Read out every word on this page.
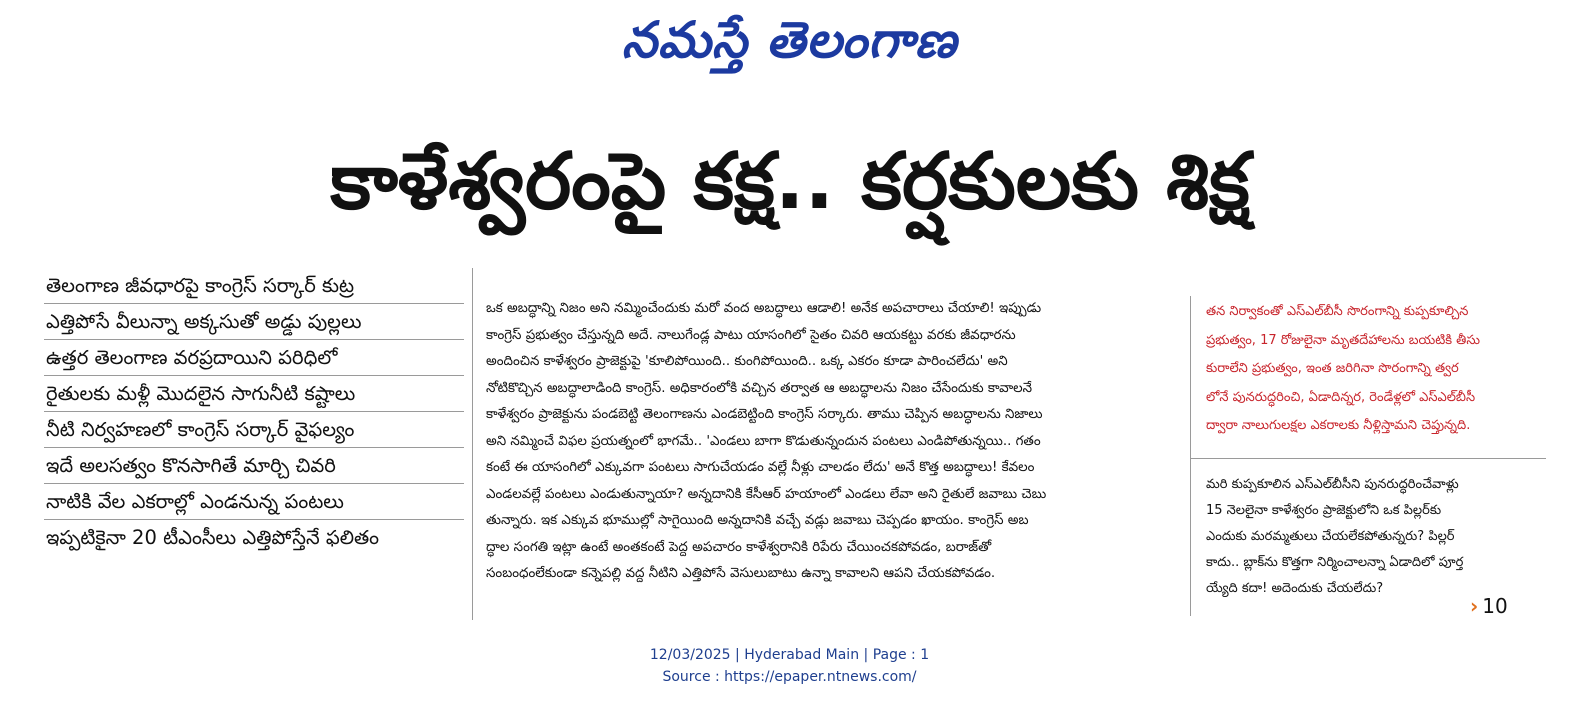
నమస్తే తెలంగాణ
కాళేశ్వరంపై కక్ష.. కర్షకులకు శిక్ష
తెలంగాణ జీవధారపై కాంగ్రెస్ సర్కార్ కుట్ర
ఎత్తిపోసే వీలున్నా అక్కసుతో అడ్డు పుల్లలు
ఉత్తర తెలంగాణ వరప్రదాయిని పరిధిలో
రైతులకు మళ్లీ మొదలైన సాగునీటి కష్టాలు
నీటి నిర్వహణలో కాంగ్రెస్ సర్కార్ వైఫల్యం
ఇదే అలసత్వం కొనసాగితే మార్చి చివరి
నాటికి వేల ఎకరాల్లో ఎండనున్న పంటలు
ఇప్పటికైనా 20 టీఎంసీలు ఎత్తిపోస్తేనే ఫలితం
ఒక అబద్ధాన్ని నిజం అని నమ్మించేందుకు మరో వంద అబద్ధాలు ఆడాలి! అనేక అపచారాలు చేయాలి! ఇప్పుడు
కాంగ్రెస్ ప్రభుత్వం చేస్తున్నది అదే. నాలుగేండ్ల పాటు యాసంగిలో సైతం చివరి ఆయకట్టు వరకు జీవధారను
అందించిన కాళేశ్వరం ప్రాజెక్టుపై 'కూలిపోయింది.. కుంగిపోయింది.. ఒక్క ఎకరం కూడా పారించలేదు' అని
నోటికొచ్చిన అబద్ధాలాడింది కాంగ్రెస్. అధికారంలోకి వచ్చిన తర్వాత ఆ అబద్ధాలను నిజం చేసేందుకు కావాలనే
కాళేశ్వరం ప్రాజెక్టును పండబెట్టి తెలంగాణను ఎండబెట్టింది కాంగ్రెస్ సర్కారు. తాము చెప్పిన అబద్ధాలను నిజాలు
అని నమ్మించే విఫల ప్రయత్నంలో భాగమే.. 'ఎండలు బాగా కొడుతున్నందున పంటలు ఎండిపోతున్నయి.. గతం
కంటే ఈ యాసంగిలో ఎక్కువగా పంటలు సాగుచేయడం వల్లే నీళ్లు చాలడం లేదు' అనే కొత్త అబద్ధాలు! కేవలం
ఎండలవల్లే పంటలు ఎండుతున్నాయా? అన్నదానికి కేసీఆర్ హయాంలో ఎండలు లేవా అని రైతులే జవాబు చెబు
తున్నారు. ఇక ఎక్కువ భూముల్లో సాగైయింది అన్నదానికి వచ్చే వడ్లు జవాబు చెప్పడం ఖాయం. కాంగ్రెస్ అబ
ద్ధాల సంగతి ఇట్లా ఉంటే అంతకంటే పెద్ద అపచారం కాళేశ్వరానికి రిపేరు చేయించకపోవడం, బరాజ్‌తో
సంబంధంలేకుండా కన్నెపల్లి వద్ద నీటిని ఎత్తిపోసే వెసులుబాటు ఉన్నా కావాలని ఆపని చేయకపోవడం.
తన నిర్వాకంతో ఎస్‌ఎల్‌బీసీ సొరంగాన్ని కుప్పకూల్చిన
ప్రభుత్వం, 17 రోజులైనా మృతదేహాలను బయటికి తీసు
కురాలేని ప్రభుత్వం, ఇంత జరిగినా సొరంగాన్ని త్వర
లోనే పునరుద్ధరించి, ఏడాదిన్నర, రెండేళ్లలో ఎస్‌ఎల్‌బీసీ
ద్వారా నాలుగులక్షల ఎకరాలకు నీళ్లిస్తామని చెప్తున్నది.
మరి కుప్పకూలిన ఎస్‌ఎల్‌బీసీని పునరుద్ధరించేవాళ్లు
15 నెలలైనా కాళేశ్వరం ప్రాజెక్టులోని ఒక పిల్లర్‌కు
ఎందుకు మరమ్మతులు చేయలేకపోతున్నరు? పిల్లర్
కాదు.. బ్లాక్‌ను కొత్తగా నిర్మించాలన్నా ఏడాదిలో పూర్త
య్యేది కదా! అదెందుకు చేయలేదు?
› 10
12/03/2025 | Hyderabad Main | Page : 1
Source : https://epaper.ntnews.com/
